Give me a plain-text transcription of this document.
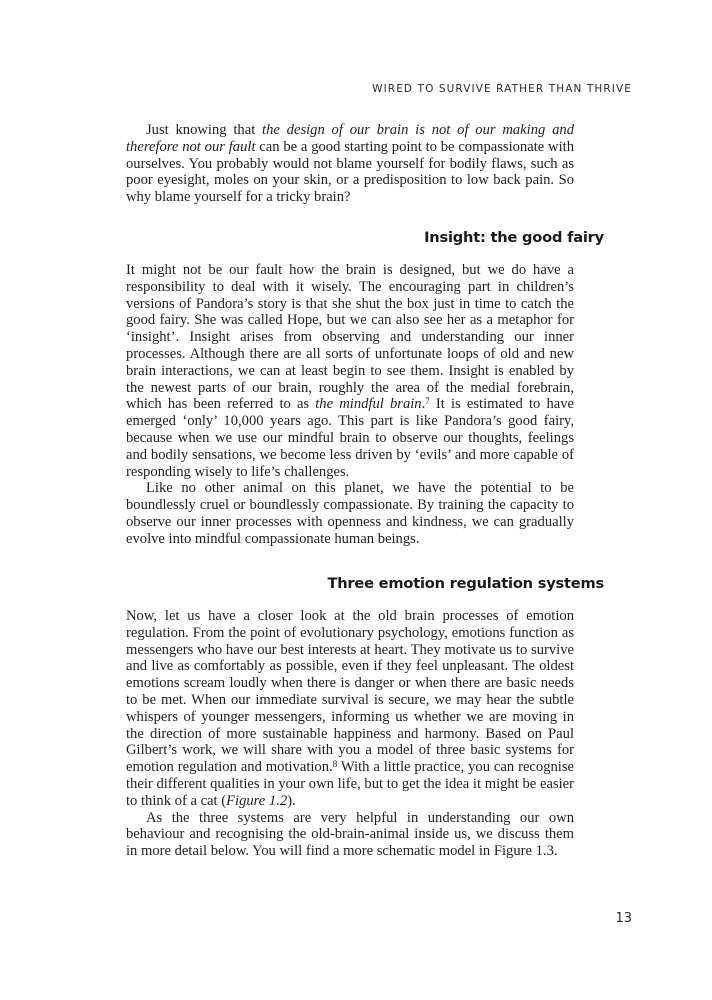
WIRED TO SURVIVE RATHER THAN THRIVE

Just knowing that the design of our brain is not of our making and therefore not our fault can be a good starting point to be compassionate with ourselves. You probably would not blame yourself for bodily flaws, such as poor eyesight, moles on your skin, or a predisposition to low back pain. So why blame yourself for a tricky brain?

Insight: the good fairy

It might not be our fault how the brain is designed, but we do have a responsibility to deal with it wisely. The encouraging part in children’s versions of Pandora’s story is that she shut the box just in time to catch the good fairy. She was called Hope, but we can also see her as a metaphor for ‘insight’. Insight arises from observing and understanding our inner processes. Although there are all sorts of unfortunate loops of old and new brain interactions, we can at least begin to see them. Insight is enabled by the newest parts of our brain, roughly the area of the medial forebrain, which has been referred to as the mindful brain.$^7$ It is estimated to have emerged ‘only’ 10,000 years ago. This part is like Pandora’s good fairy, because when we use our mindful brain to observe our thoughts, feelings and bodily sensations, we become less driven by ‘evils’ and more capable of responding wisely to life’s challenges.

Like no other animal on this planet, we have the potential to be boundlessly cruel or boundlessly compassionate. By training the capacity to observe our inner processes with openness and kindness, we can gradually evolve into mindful compassionate human beings.

Three emotion regulation systems

Now, let us have a closer look at the old brain processes of emotion regulation. From the point of evolutionary psychology, emotions function as messengers who have our best interests at heart. They motivate us to survive and live as comfortably as possible, even if they feel unpleasant. The oldest emotions scream loudly when there is danger or when there are basic needs to be met. When our immediate survival is secure, we may hear the subtle whispers of younger messengers, informing us whether we are moving in the direction of more sustainable happiness and harmony. Based on Paul Gilbert’s work, we will share with you a model of three basic systems for emotion regulation and motivation.$^8$ With a little practice, you can recognise their different qualities in your own life, but to get the idea it might be easier to think of a cat (Figure 1.2).

As the three systems are very helpful in understanding our own behaviour and recognising the old-brain-animal inside us, we discuss them in more detail below. You will find a more schematic model in Figure 1.3.

13
